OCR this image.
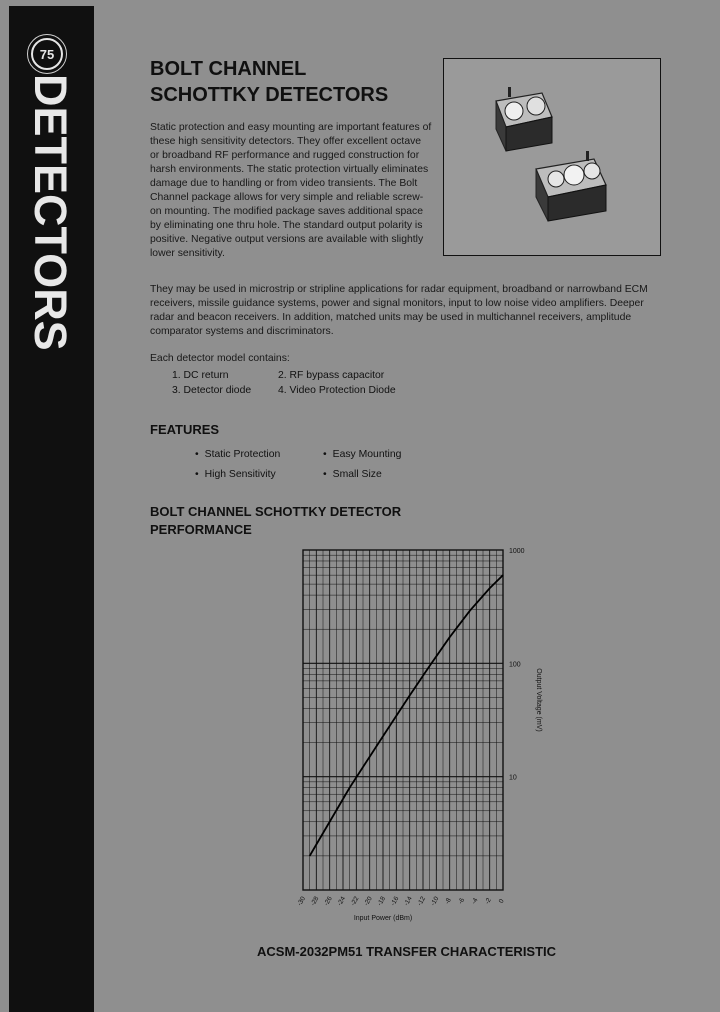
75
DETECTORS
BOLT CHANNEL
SCHOTTKY DETECTORS

Static protection and easy mounting are important features of these high sensitivity detectors. They offer excellent octave or broadband RF performance and rugged construction for harsh environments. The static protection virtually eliminates damage due to handling or from video transients. The Bolt Channel package allows for very simple and reliable screw-on mounting. The modified package saves additional space by eliminating one thru hole. The standard output polarity is positive. Negative output versions are available with slightly lower sensitivity.

They may be used in microstrip or stripline applications for radar equipment, broadband or narrowband ECM receivers, missile guidance systems, power and signal monitors, input to low noise video amplifiers. Deeper radar and beacon receivers. In addition, matched units may be used in multichannel receivers, amplitude comparator systems and discriminators.

Each detector model contains:

1. DC return	2. RF bypass capacitor
3. Detector diode	4. Video Protection Diode
FEATURES
• Static Protection	• Easy Mounting
• High Sensitivity	• Small Size
BOLT CHANNEL SCHOTTKY DETECTOR
PERFORMANCE
1000
100
10
-30 -28 -26 -24 -22 -20 -18 -16 -14 -12 -10 -8 -6 -4 -2 0
Input Power (dBm)
Output Voltage (mV)
ACSM-2032PM51 TRANSFER CHARACTERISTIC
